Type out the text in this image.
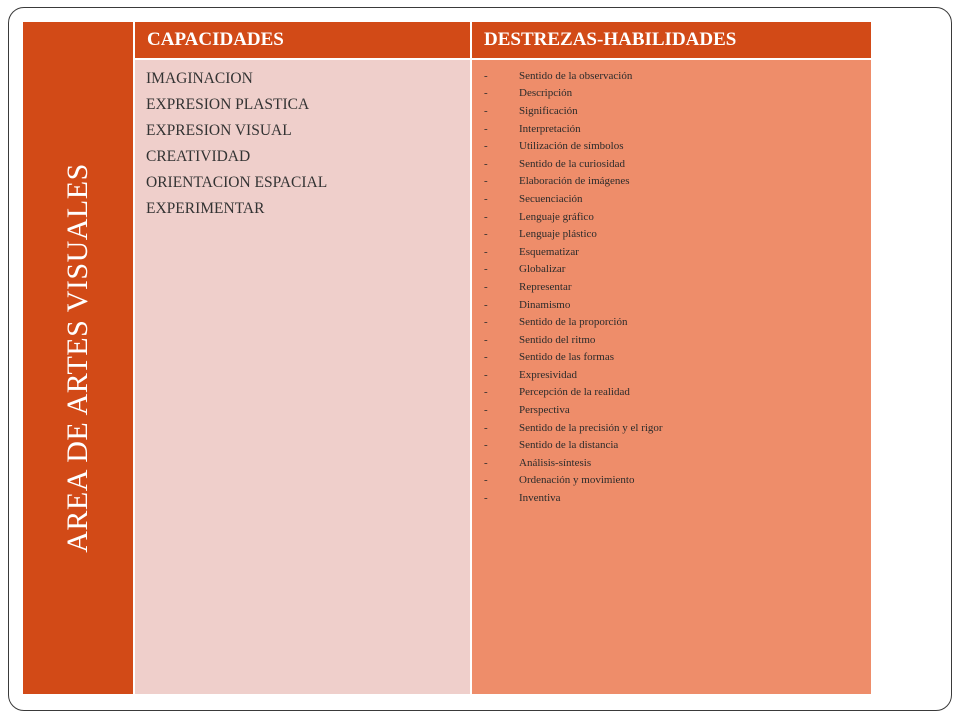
AREA DE ARTES VISUALES
CAPACIDADES	DESTREZAS-HABILIDADES
IMAGINACION
EXPRESION PLASTICA
EXPRESION VISUAL
CREATIVIDAD
ORIENTACION ESPACIAL
EXPERIMENTAR
-	Sentido de la observación
-	Descripción
-	Significación
-	Interpretación
-	Utilización de símbolos
-	Sentido de la curiosidad
-	Elaboración de imágenes
-	Secuenciación
-	Lenguaje gráfico
-	Lenguaje plástico
-	Esquematizar
-	Globalizar
-	Representar
-	Dinamismo
-	Sentido de la proporción
-	Sentido del ritmo
-	Sentido de las formas
-	Expresividad
-	Percepción de la realidad
-	Perspectiva
-	Sentido de la precisión y el rigor
-	Sentido de la distancia
-	Análisis-síntesis
-	Ordenación y movimiento
-	Inventiva
